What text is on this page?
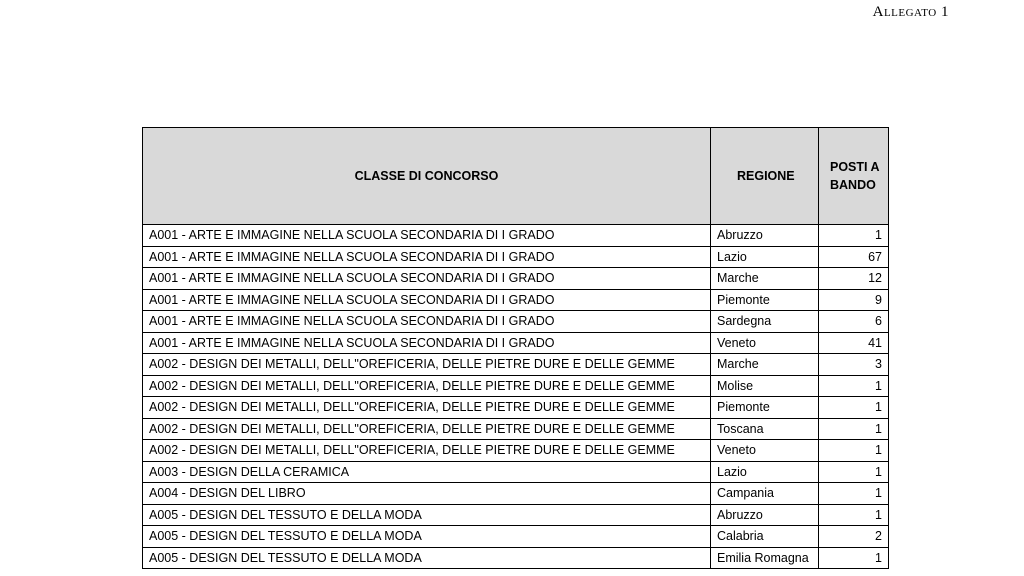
Allegato 1
CLASSE DI CONCORSO	REGIONE	POSTI A BANDO
A001 - ARTE E IMMAGINE NELLA SCUOLA SECONDARIA DI I GRADO	Abruzzo	1
A001 - ARTE E IMMAGINE NELLA SCUOLA SECONDARIA DI I GRADO	Lazio	67
A001 - ARTE E IMMAGINE NELLA SCUOLA SECONDARIA DI I GRADO	Marche	12
A001 - ARTE E IMMAGINE NELLA SCUOLA SECONDARIA DI I GRADO	Piemonte	9
A001 - ARTE E IMMAGINE NELLA SCUOLA SECONDARIA DI I GRADO	Sardegna	6
A001 - ARTE E IMMAGINE NELLA SCUOLA SECONDARIA DI I GRADO	Veneto	41
A002 - DESIGN DEI METALLI, DELL"OREFICERIA, DELLE PIETRE DURE E DELLE GEMME	Marche	3
A002 - DESIGN DEI METALLI, DELL"OREFICERIA, DELLE PIETRE DURE E DELLE GEMME	Molise	1
A002 - DESIGN DEI METALLI, DELL"OREFICERIA, DELLE PIETRE DURE E DELLE GEMME	Piemonte	1
A002 - DESIGN DEI METALLI, DELL"OREFICERIA, DELLE PIETRE DURE E DELLE GEMME	Toscana	1
A002 - DESIGN DEI METALLI, DELL"OREFICERIA, DELLE PIETRE DURE E DELLE GEMME	Veneto	1
A003 - DESIGN DELLA CERAMICA	Lazio	1
A004 - DESIGN DEL LIBRO	Campania	1
A005 - DESIGN DEL TESSUTO E DELLA MODA	Abruzzo	1
A005 - DESIGN DEL TESSUTO E DELLA MODA	Calabria	2
A005 - DESIGN DEL TESSUTO E DELLA MODA	Emilia Romagna	1
